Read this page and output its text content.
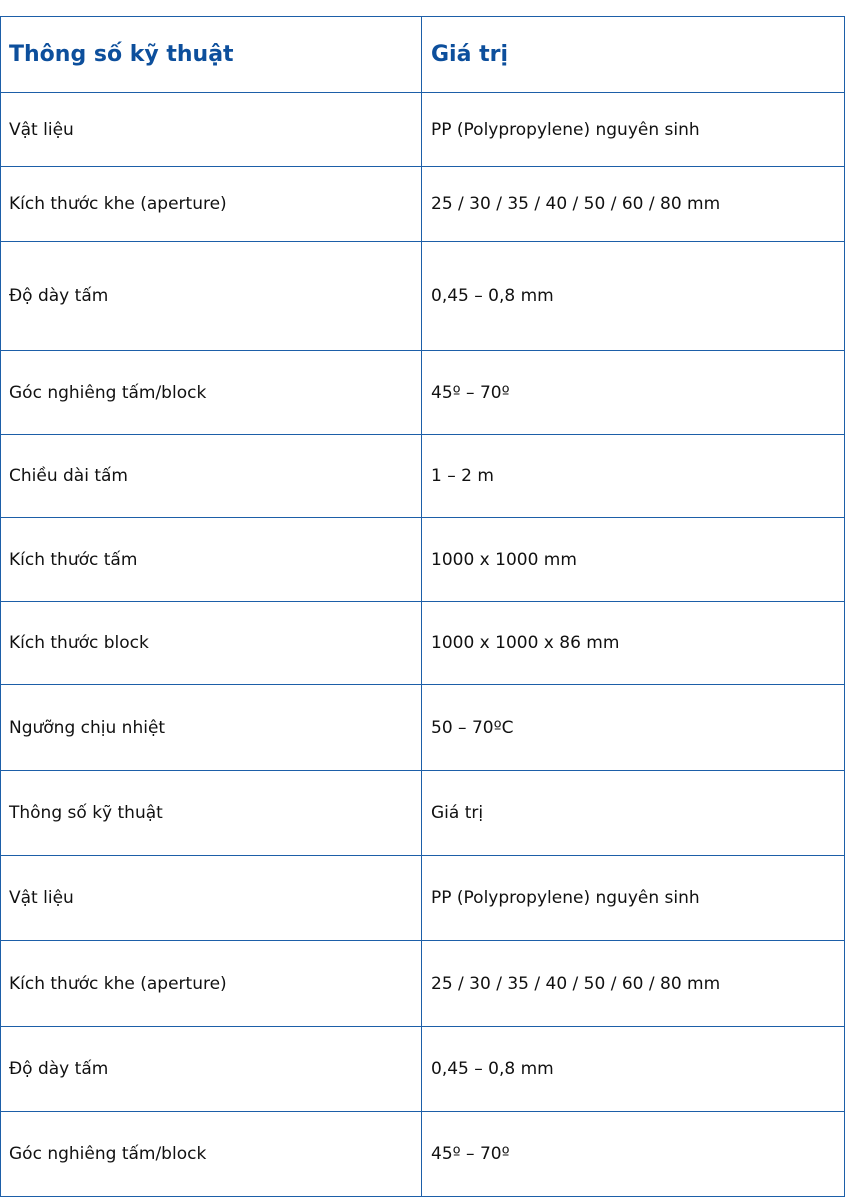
Thông số kỹ thuật	Giá trị
Vật liệu	PP (Polypropylene) nguyên sinh
Kích thước khe (aperture)	25 / 30 / 35 / 40 / 50 / 60 / 80 mm
Độ dày tấm	0,45 – 0,8 mm
Góc nghiêng tấm/block	45º – 70º
Chiều dài tấm	1 – 2 m
Kích thước tấm	1000 x 1000 mm
Kích thước block	1000 x 1000 x 86 mm
Ngưỡng chịu nhiệt	50 – 70ºC
Thông số kỹ thuật	Giá trị
Vật liệu	PP (Polypropylene) nguyên sinh
Kích thước khe (aperture)	25 / 30 / 35 / 40 / 50 / 60 / 80 mm
Độ dày tấm	0,45 – 0,8 mm
Góc nghiêng tấm/block	45º – 70º
